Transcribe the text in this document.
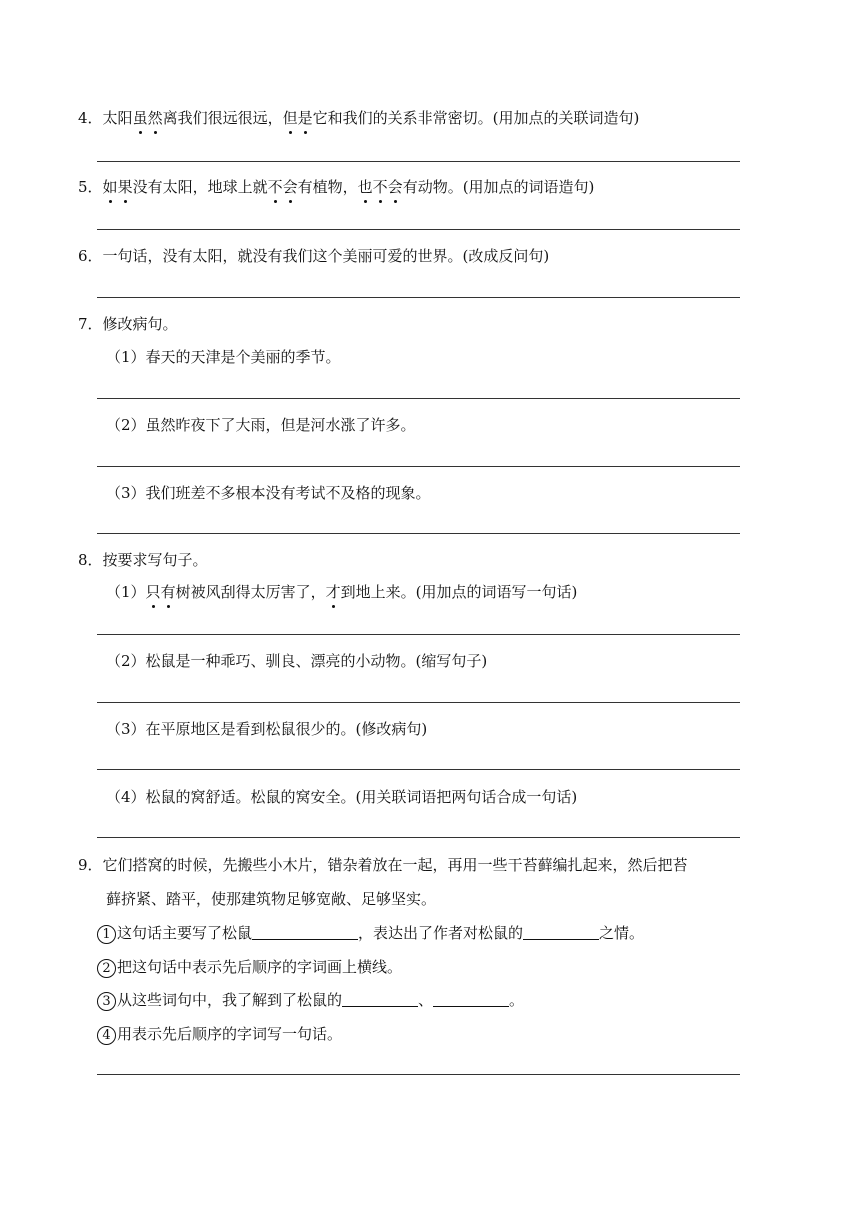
4．太阳虽然离我们很远很远，但是它和我们的关系非常密切。(用加点的关联词造句)
5．如果没有太阳，地球上就不会有植物，也不会有动物。(用加点的词语造句)
6．一句话，没有太阳，就没有我们这个美丽可爱的世界。(改成反问句)
7．修改病句。
（1）春天的天津是个美丽的季节。
（2）虽然昨夜下了大雨，但是河水涨了许多。
（3）我们班差不多根本没有考试不及格的现象。
8．按要求写句子。
（1）只有树被风刮得太厉害了，才到地上来。(用加点的词语写一句话)
（2）松鼠是一种乖巧、驯良、漂亮的小动物。(缩写句子)
（3）在平原地区是看到松鼠很少的。(修改病句)
（4）松鼠的窝舒适。松鼠的窝安全。(用关联词语把两句话合成一句话)
9．它们搭窝的时候，先搬些小木片，错杂着放在一起，再用一些干苔藓编扎起来，然后把苔
藓挤紧、踏平，使那建筑物足够宽敞、足够坚实。
1 这句话主要写了松鼠	，表达出了作者对松鼠的	之情。
2 把这句话中表示先后顺序的字词画上横线。
3 从这些词句中，我了解到了松鼠的	、	。
4 用表示先后顺序的字词写一句话。
